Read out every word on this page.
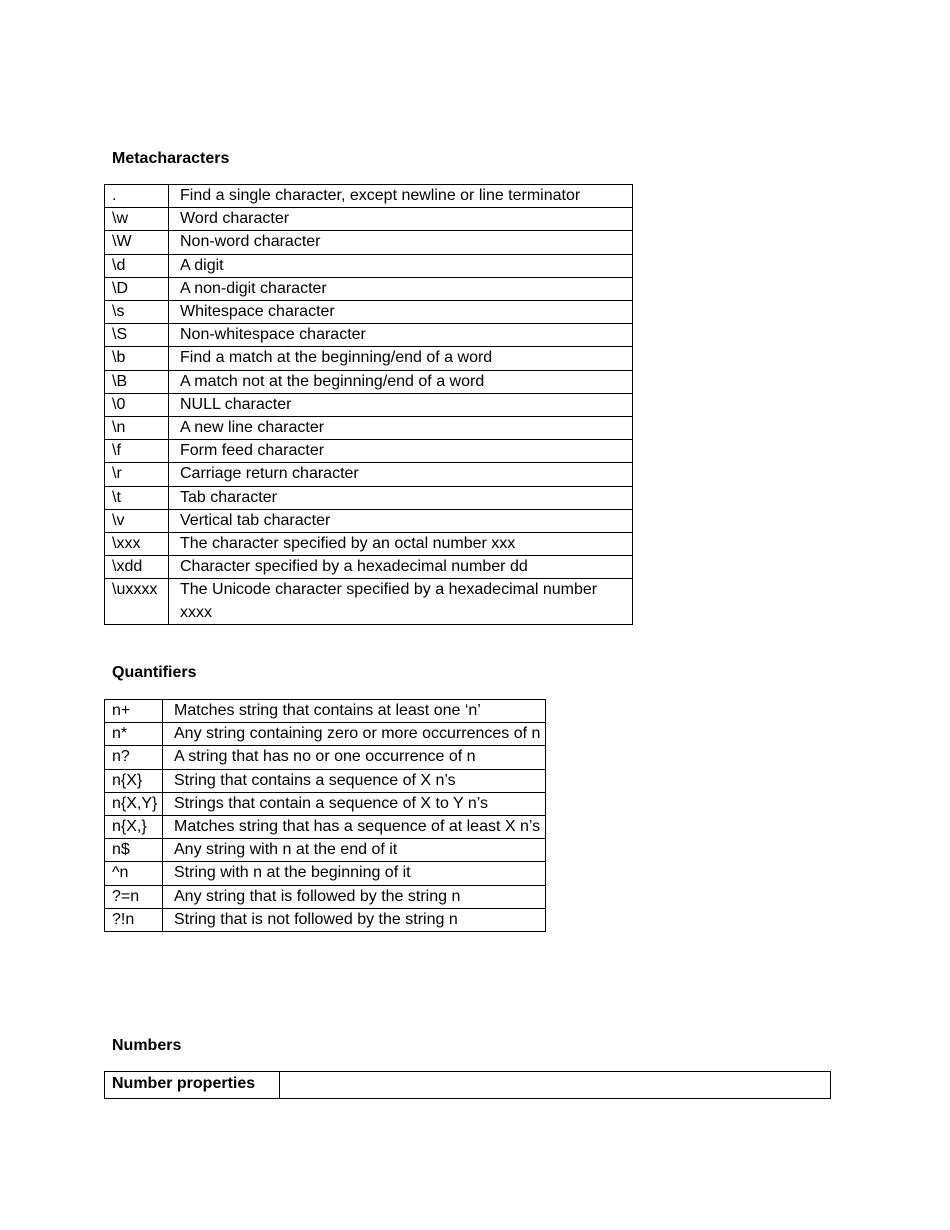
Metacharacters
.	Find a single character, except newline or line terminator
\w	Word character
\W	Non-word character
\d	A digit
\D	A non-digit character
\s	Whitespace character
\S	Non-whitespace character
\b	Find a match at the beginning/end of a word
\B	A match not at the beginning/end of a word
\0	NULL character
\n	A new line character
\f	Form feed character
\r	Carriage return character
\t	Tab character
\v	Vertical tab character
\xxx	The character specified by an octal number xxx
\xdd	Character specified by a hexadecimal number dd
\uxxxx	The Unicode character specified by a hexadecimal number xxxx
Quantifiers
n+	Matches string that contains at least one ‘n’
n*	Any string containing zero or more occurrences of n
n?	A string that has no or one occurrence of n
n{X}	String that contains a sequence of X n’s
n{X,Y}	Strings that contain a sequence of X to Y n’s
n{X,}	Matches string that has a sequence of at least X n’s
n$	Any string with n at the end of it
^n	String with n at the beginning of it
?=n	Any string that is followed by the string n
?!n	String that is not followed by the string n
Numbers
Number properties	
